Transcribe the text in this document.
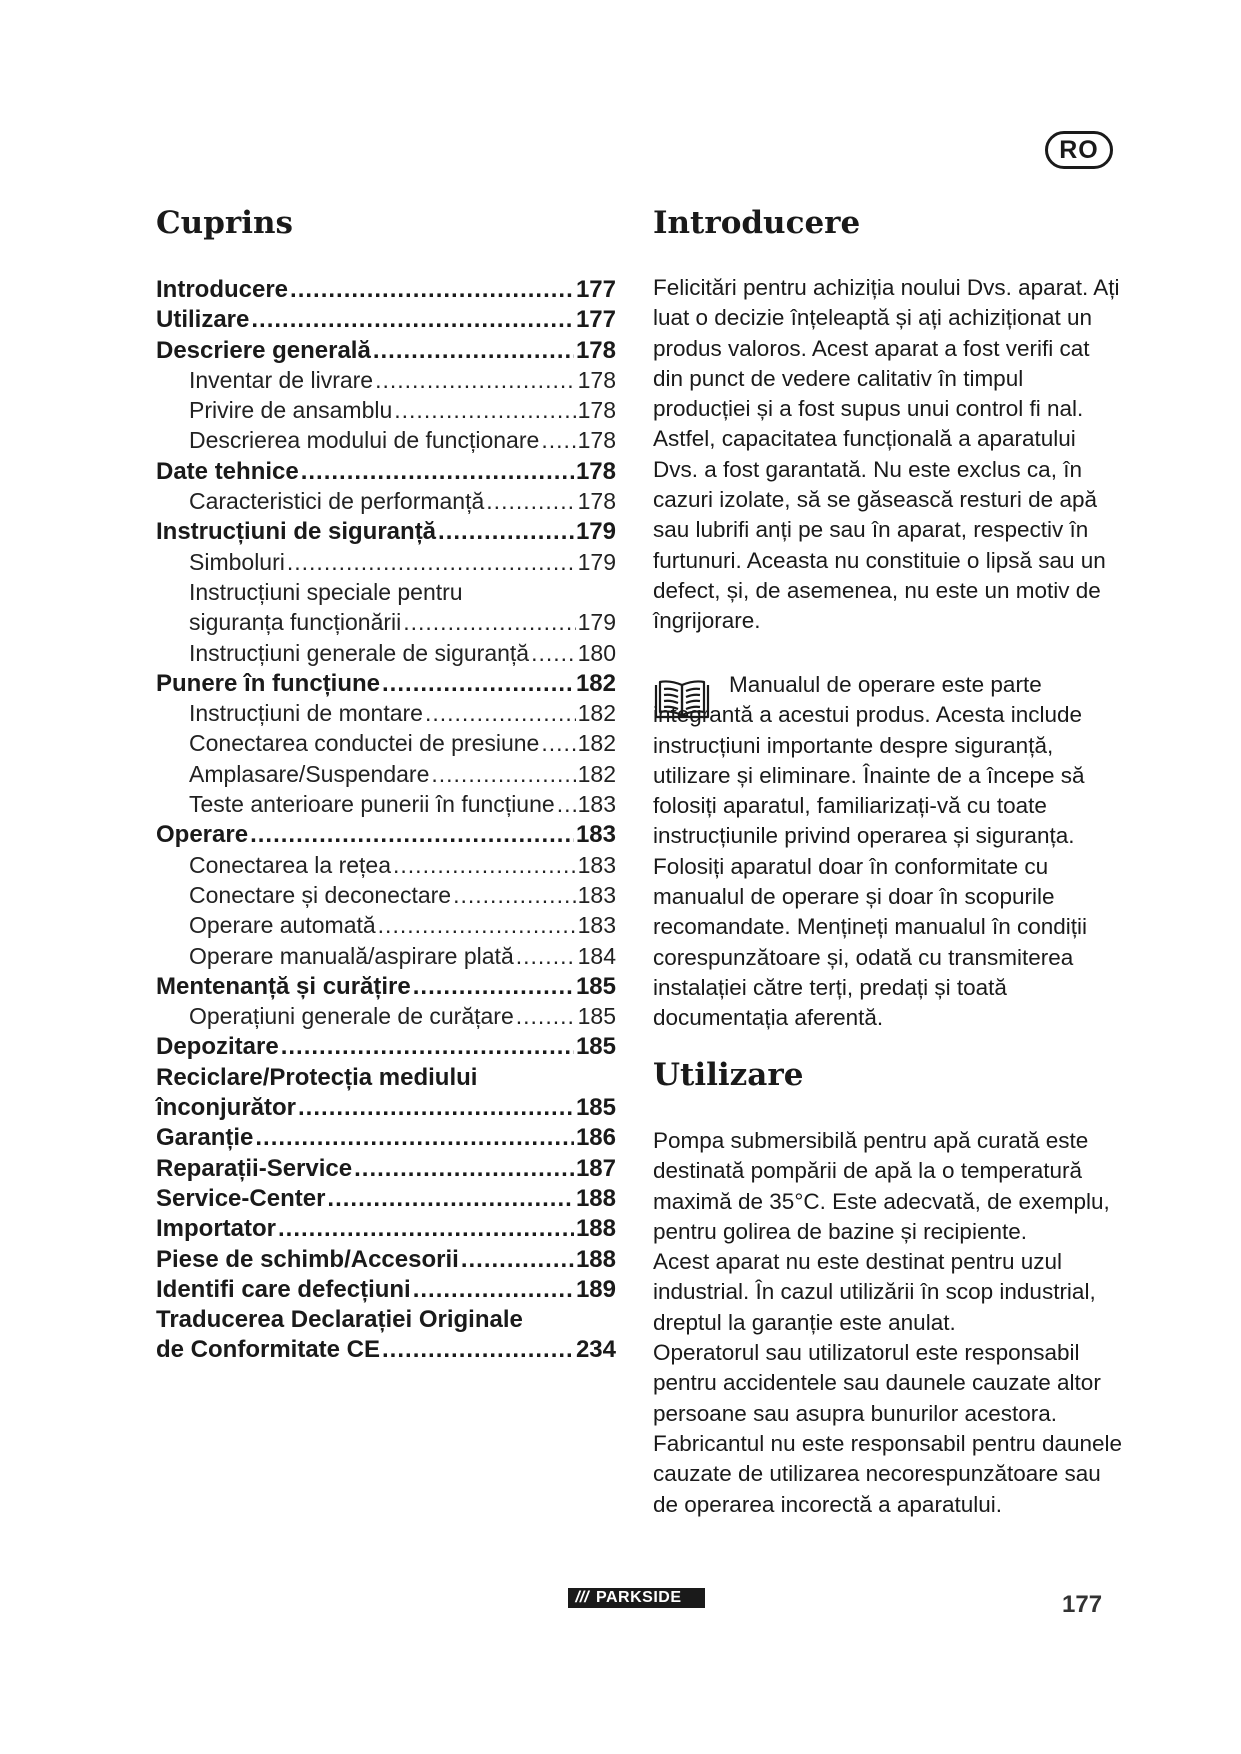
RO
Cuprins
Introducere .....	177
Utilizare .....	177
Descriere generală .....	178
Inventar de livrare .....	178
Privire de ansamblu .....	178
Descrierea modului de funcționare ..... 178
Date tehnice .....	178
Caracteristici de performanță .....	178
Instrucțiuni de siguranță .....	179
Simboluri .....	179
Instrucțiuni speciale pentru
siguranța funcționării .....	179
Instrucțiuni generale de siguranță ..... 180
Punere în funcțiune .....	182
Instrucțiuni de montare .....	182
Conectarea conductei de presiune ..... 182
Amplasare/Suspendare .....	182
Teste anterioare punerii în funcțiune ..... 183
Operare .....	183
Conectarea la rețea .....	183
Conectare și deconectare .....	183
Operare automată .....	183
Operare manuală/aspirare plată .....	184
Mentenanță și curățire .....	185
Operațiuni generale de curățare .....	185
Depozitare .....	185
Reciclare/Protecția mediului
înconjurător .....	185
Garanție .....	186
Reparații-Service .....	187
Service-Center .....	188
Importator .....	188
Piese de schimb/Accesorii .....	188
Identifi care defecțiuni .....	189
Traducerea Declarației Originale
de Conformitate CE .....	234
Introducere

Felicitări pentru achiziția noului Dvs. aparat. Ați luat o decizie înțeleaptă și ați achiziționat un produs valoros. Acest aparat a fost verifi cat din punct de vedere calitativ în timpul producției și a fost supus unui control fi nal. Astfel, capacitatea funcțională a aparatului Dvs. a fost garantată. Nu este exclus ca, în cazuri izolate, să se găsească resturi de apă sau lubrifi anți pe sau în aparat, respectiv în furtunuri. Aceasta nu constituie o lipsă sau un defect, și, de asemenea, nu este un motiv de îngrijorare.

Manualul de operare este parte integrantă a acestui produs. Acesta include instrucțiuni importante despre siguranță, utilizare și eliminare. Înainte de a începe să folosiți aparatul, familiarizați-vă cu toate instrucțiunile privind operarea și siguranța. Folosiți aparatul doar în conformitate cu manualul de operare și doar în scopurile recomandate. Mențineți manualul în condiții corespunzătoare și, odată cu transmiterea instalației către terți, predați și toată documentația aferentă.
Utilizare

Pompa submersibilă pentru apă curată este destinată pompării de apă la o temperatură maximă de 35°C. Este adecvată, de exemplu, pentru golirea de bazine și recipiente.

Acest aparat nu este destinat pentru uzul industrial. În cazul utilizării în scop industrial, dreptul la garanție este anulat.

Operatorul sau utilizatorul este responsabil pentru accidentele sau daunele cauzate altor persoane sau asupra bunurilor acestora.

Fabricantul nu este responsabil pentru daunele cauzate de utilizarea necorespunzătoare sau de operarea incorectă a aparatului.

/// PARKSIDE	177
